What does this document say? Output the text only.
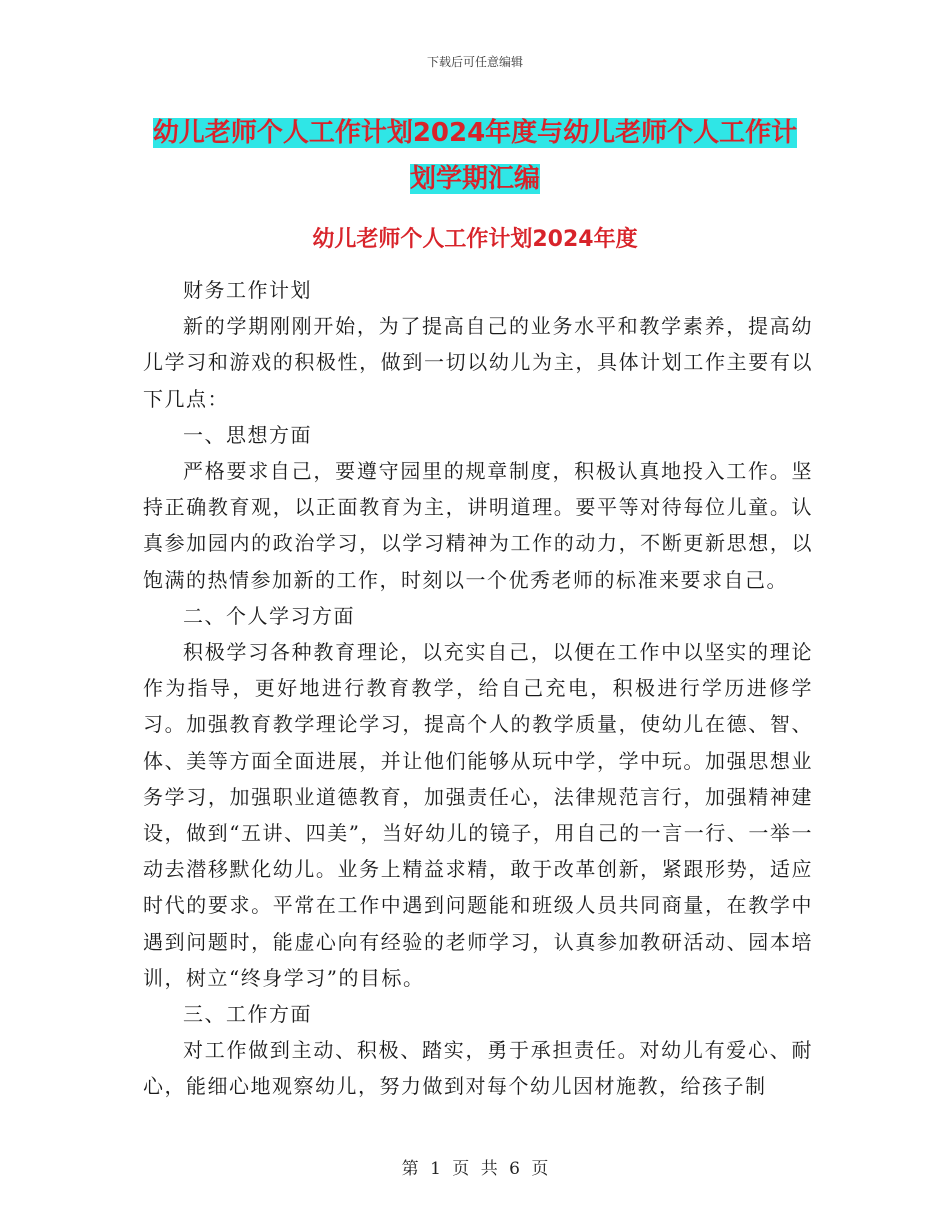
下载后可任意编辑
幼儿老师个人工作计划2024年度与幼儿老师个人工作计划学期汇编
幼儿老师个人工作计划2024年度

财务工作计划

新的学期刚刚开始，为了提高自己的业务水平和教学素养，提高幼儿学习和游戏的积极性，做到一切以幼儿为主，具体计划工作主要有以下几点：

一、思想方面

严格要求自己，要遵守园里的规章制度，积极认真地投入工作。坚持正确教育观，以正面教育为主，讲明道理。要平等对待每位儿童。认真参加园内的政治学习，以学习精神为工作的动力，不断更新思想，以饱满的热情参加新的工作，时刻以一个优秀老师的标准来要求自己。

二、个人学习方面

积极学习各种教育理论，以充实自己，以便在工作中以坚实的理论作为指导，更好地进行教育教学，给自己充电，积极进行学历进修学习。加强教育教学理论学习，提高个人的教学质量，使幼儿在德、智、体、美等方面全面进展，并让他们能够从玩中学，学中玩。加强思想业务学习，加强职业道德教育，加强责任心，法律规范言行，加强精神建设，做到“五讲、四美”，当好幼儿的镜子，用自己的一言一行、一举一动去潜移默化幼儿。业务上精益求精，敢于改革创新，紧跟形势，适应时代的要求。平常在工作中遇到问题能和班级人员共同商量，在教学中遇到问题时，能虚心向有经验的老师学习，认真参加教研活动、园本培训，树立“终身学习”的目标。

三、工作方面

对工作做到主动、积极、踏实，勇于承担责任。对幼儿有爱心、耐心，能细心地观察幼儿，努力做到对每个幼儿因材施教，给孩子制

第 1 页 共 6 页
